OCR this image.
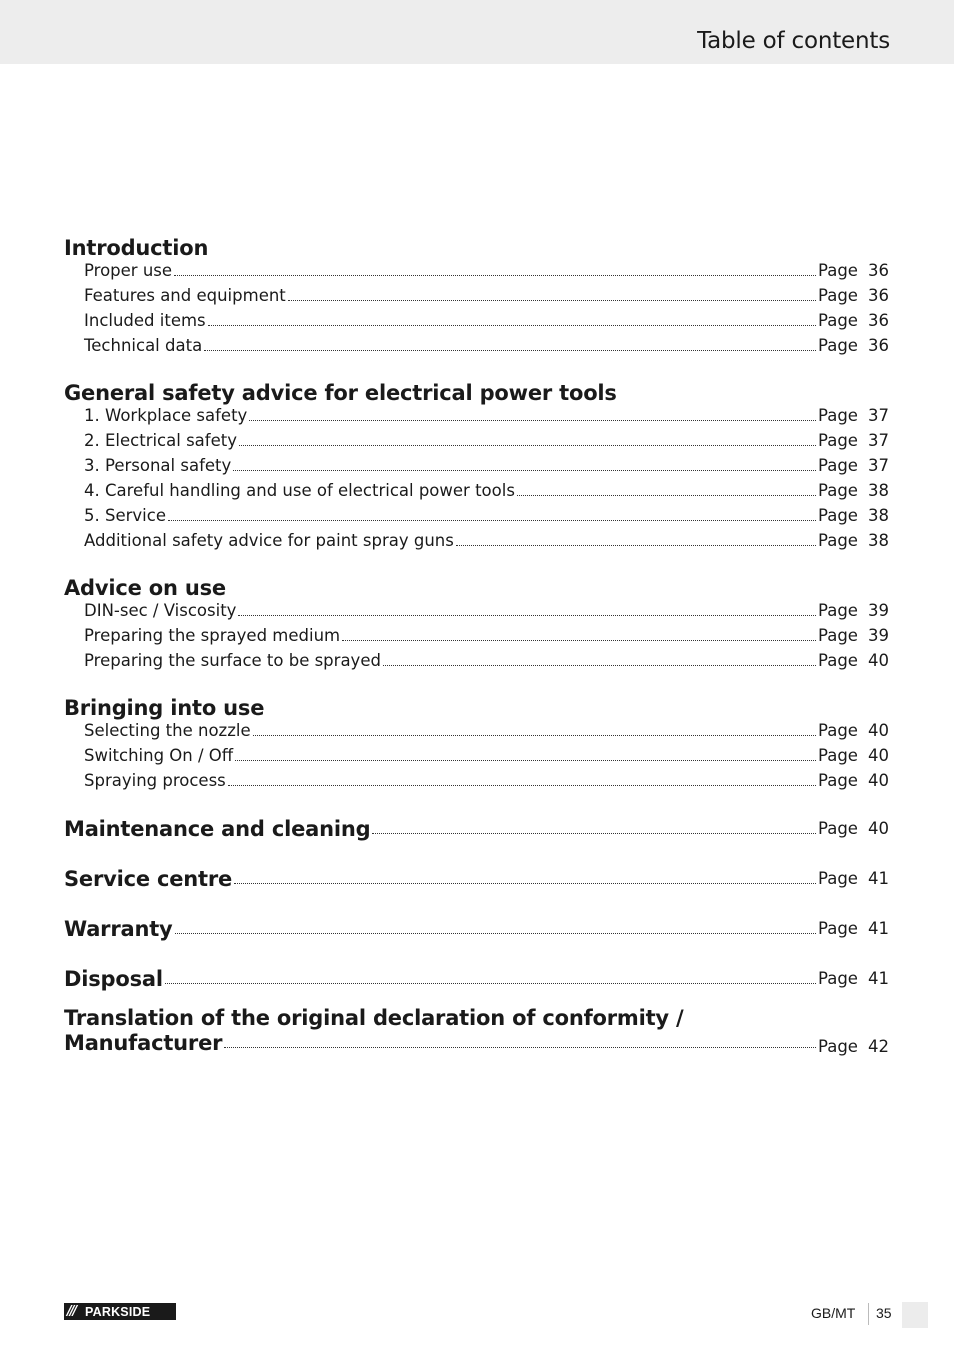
Table of contents
Introduction
Proper use	Page 36
Features and equipment	Page 36
Included items	Page 36
Technical data	Page 36
General safety advice for electrical power tools
1. Workplace safety	Page 37
2. Electrical safety	Page 37
3. Personal safety	Page 37
4. Careful handling and use of electrical power tools	Page 38
5. Service	Page 38
Additional safety advice for paint spray guns	Page 38
Advice on use
DIN-sec / Viscosity	Page 39
Preparing the sprayed medium	Page 39
Preparing the surface to be sprayed	Page 40
Bringing into use
Selecting the nozzle	Page 40
Switching On / Off	Page 40
Spraying process	Page 40
Maintenance and cleaning	Page 40
Service centre	Page 41
Warranty	Page 41
Disposal	Page 41
Translation of the original declaration of conformity /
Manufacturer	Page 42
/// PARKSIDE	GB/MT 35
